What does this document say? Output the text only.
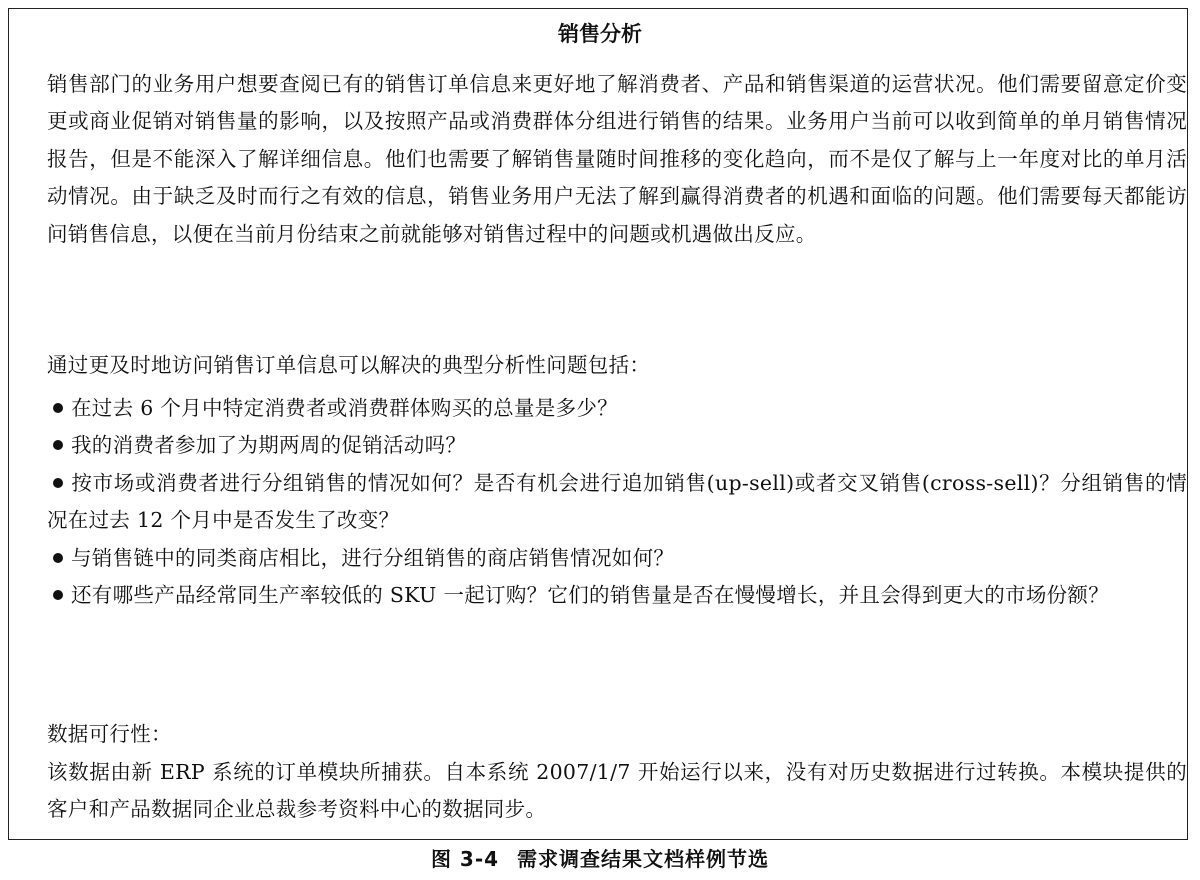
销售分析

销售部门的业务用户想要查阅已有的销售订单信息来更好地了解消费者、产品和销售渠道的运营状况。他们需要留意定价变更或商业促销对销售量的影响，以及按照产品或消费群体分组进行销售的结果。业务用户当前可以收到简单的单月销售情况报告，但是不能深入了解详细信息。他们也需要了解销售量随时间推移的变化趋向，而不是仅了解与上一年度对比的单月活动情况。由于缺乏及时而行之有效的信息，销售业务用户无法了解到赢得消费者的机遇和面临的问题。他们需要每天都能访问销售信息，以便在当前月份结束之前就能够对销售过程中的问题或机遇做出反应。

通过更及时地访问销售订单信息可以解决的典型分析性问题包括：

在过去 6 个月中特定消费者或消费群体购买的总量是多少？
我的消费者参加了为期两周的促销活动吗？
按市场或消费者进行分组销售的情况如何？是否有机会进行追加销售(up-sell)或者交叉销售(cross-sell)？分组销售的情况在过去 12 个月中是否发生了改变？
与销售链中的同类商店相比，进行分组销售的商店销售情况如何？
还有哪些产品经常同生产率较低的 SKU 一起订购？它们的销售量是否在慢慢增长，并且会得到更大的市场份额？

数据可行性：

该数据由新 ERP 系统的订单模块所捕获。自本系统 2007/1/7 开始运行以来，没有对历史数据进行过转换。本模块提供的客户和产品数据同企业总裁参考资料中心的数据同步。

图 3-4 需求调查结果文档样例节选
